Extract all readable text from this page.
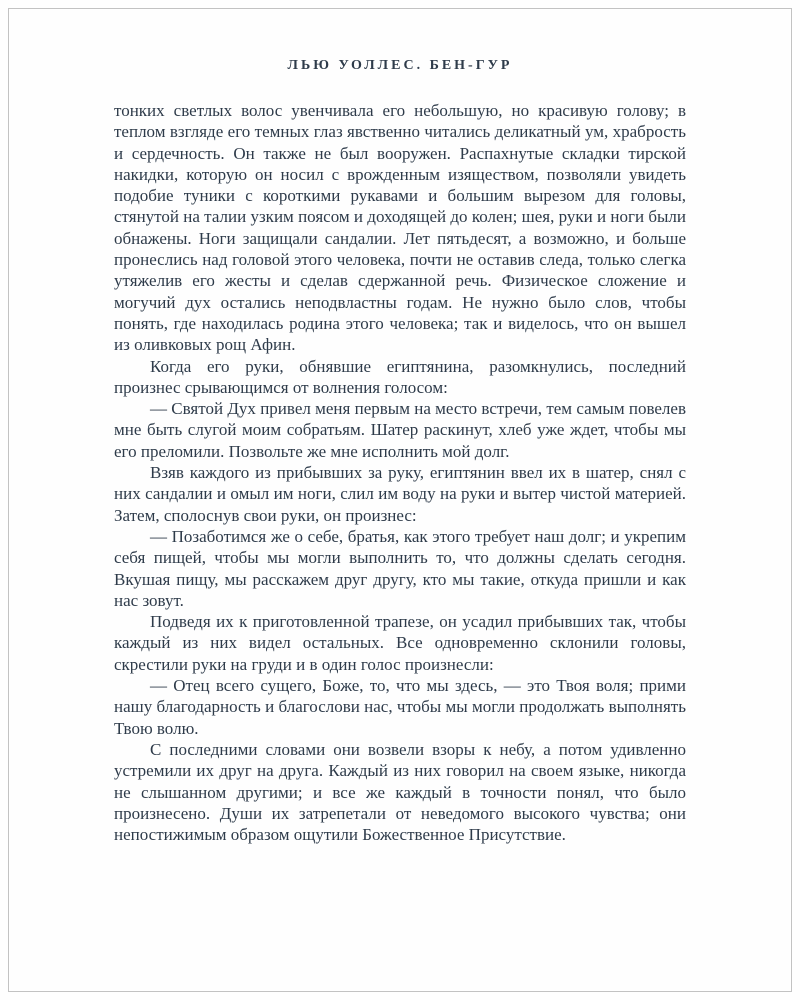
ЛЬЮ УОЛЛЕС. БЕН-ГУР

тонких светлых волос увенчивала его небольшую, но красивую голову; в теплом взгляде его темных глаз явственно читались деликатный ум, храбрость и сердечность. Он также не был вооружен. Распахнутые складки тирской накидки, которую он носил с врожденным изяществом, позволяли увидеть подобие туники с короткими рукавами и большим вырезом для головы, стянутой на талии узким поясом и доходящей до колен; шея, руки и ноги были обнажены. Ноги защищали сандалии. Лет пятьдесят, а возможно, и больше пронеслись над головой этого человека, почти не оставив следа, только слегка утяжелив его жесты и сделав сдержанной речь. Физическое сложение и могучий дух остались неподвластны годам. Не нужно было слов, чтобы понять, где находилась родина этого человека; так и виделось, что он вышел из оливковых рощ Афин.

Когда его руки, обнявшие египтянина, разомкнулись, последний произнес срывающимся от волнения голосом:

— Святой Дух привел меня первым на место встречи, тем самым повелев мне быть слугой моим собратьям. Шатер раскинут, хлеб уже ждет, чтобы мы его преломили. Позвольте же мне исполнить мой долг.

Взяв каждого из прибывших за руку, египтянин ввел их в шатер, снял с них сандалии и омыл им ноги, слил им воду на руки и вытер чистой материей. Затем, сполоснув свои руки, он произнес:

— Позаботимся же о себе, братья, как этого требует наш долг; и укрепим себя пищей, чтобы мы могли выполнить то, что должны сделать сегодня. Вкушая пищу, мы расскажем друг другу, кто мы такие, откуда пришли и как нас зовут.

Подведя их к приготовленной трапезе, он усадил прибывших так, чтобы каждый из них видел остальных. Все одновременно склонили головы, скрестили руки на груди и в один голос произнесли:

— Отец всего сущего, Боже, то, что мы здесь, — это Твоя воля; прими нашу благодарность и благослови нас, чтобы мы могли продолжать выполнять Твою волю.

С последними словами они возвели взоры к небу, а потом удивленно устремили их друг на друга. Каждый из них говорил на своем языке, никогда не слышанном другими; и все же каждый в точности понял, что было произнесено. Души их затрепетали от неведомого высокого чувства; они непостижимым образом ощутили Божественное Присутствие.
